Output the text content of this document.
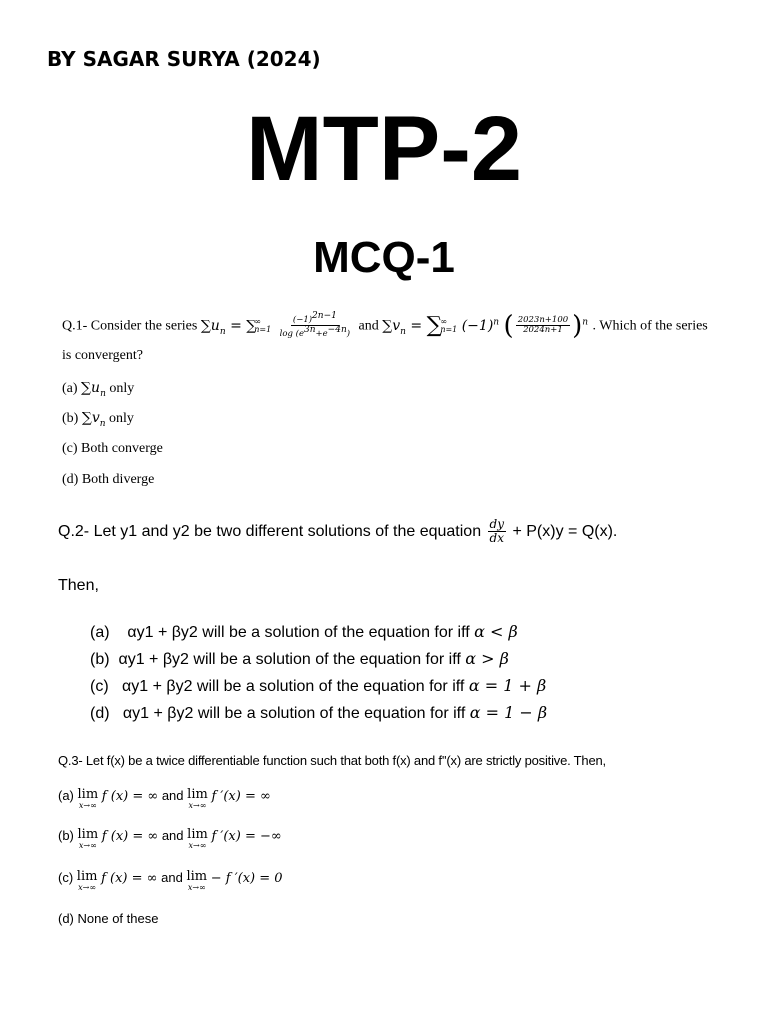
BY SAGAR SURYA (2024)
MTP-2
MCQ-1
Q.1- Consider the series $\sum u_n$ = ∑
∞
n=1
$\frac{(-1)^{2n-1}}{\log (e^{3n}+e^{-4n})}$ and $\sum v_n$ = ∑
∞
n=1 $(-1)^n$ ( $\frac{2023n+100}{2024n+1} )^n$ . Which of the series
is convergent?
(a) $\sum u_n$ only
(b) $\sum v_n$ only
(c) Both converge
(d) Both diverge
Q.2- Let y1 and y2 be two different solutions of the equation $\frac{dy}{dx} + P(x)y = Q(x)$.
Then,
(a) αy1 + βy2 will be a solution of the equation for iff α < β
(b) αy1 + βy2 will be a solution of the equation for iff α > β
(c) αy1 + βy2 will be a solution of the equation for iff α = 1 + β
(d) αy1 + βy2 will be a solution of the equation for iff α = 1 − β
Q.3- Let f(x) be a twice differentiable function such that both f(x) and f''(x) are strictly positive. Then,
(a) lim
x→∞
f (x) = ∞ and lim
x→∞
f ′(x) = ∞
(b) lim
x→∞
f (x) = ∞ and lim
x→∞
f ′(x) = −∞
(c) lim
x→∞
f (x) = ∞ and lim
x→∞
− f ′(x) = 0
(d) None of these
